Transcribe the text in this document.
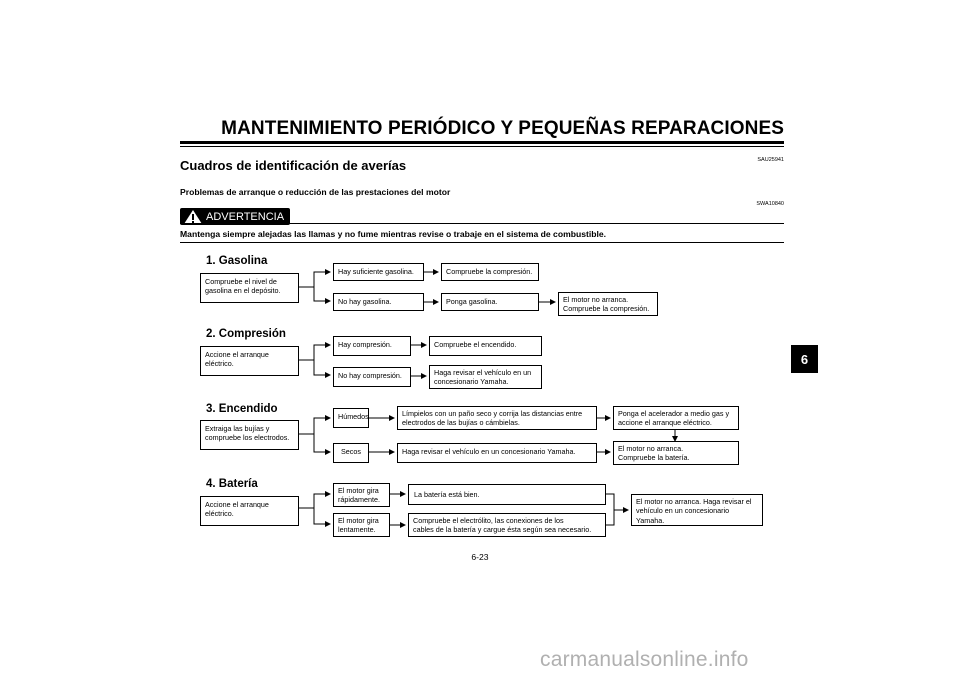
MANTENIMIENTO PERIÓDICO Y PEQUEÑAS REPARACIONES
SAU25941
Cuadros de identificación de averías
Problemas de arranque o reducción de las prestaciones del motor
SWA10840
ADVERTENCIA
Mantenga siempre alejadas las llamas y no fume mientras revise o trabaje en el sistema de combustible.
1. Gasolina
Compruebe el nivel de
gasolina en el depósito.
Hay suficiente gasolina.	Compruebe la compresión.
No hay gasolina.	Ponga gasolina.	El motor no arranca.
Compruebe la compresión.
2. Compresión
Accione el arranque
eléctrico.
Hay compresión.	Compruebe el encendido.
No hay compresión.	Haga revisar el vehículo en un
concesionario Yamaha.
3. Encendido
Extraiga las bujías y
compruebe los electrodos.
Húmedos	Límpielos con un paño seco y corrija las distancias entre
electrodos de las bujías o cámbielas.
Ponga el acelerador a medio gas y
accione el arranque eléctrico.
Secos	Haga revisar el vehículo en un concesionario Yamaha.	El motor no arranca.
Compruebe la batería.
4. Batería
Accione el arranque
eléctrico.
El motor gira
rápidamente.
La batería está bien.
El motor gira
lentamente.
Compruebe el electrólito, las conexiones de los
cables de la batería y cargue ésta según sea necesario.
El motor no arranca. Haga revisar el
vehículo en un concesionario
Yamaha.
6
6-23
carmanualsonline.info
